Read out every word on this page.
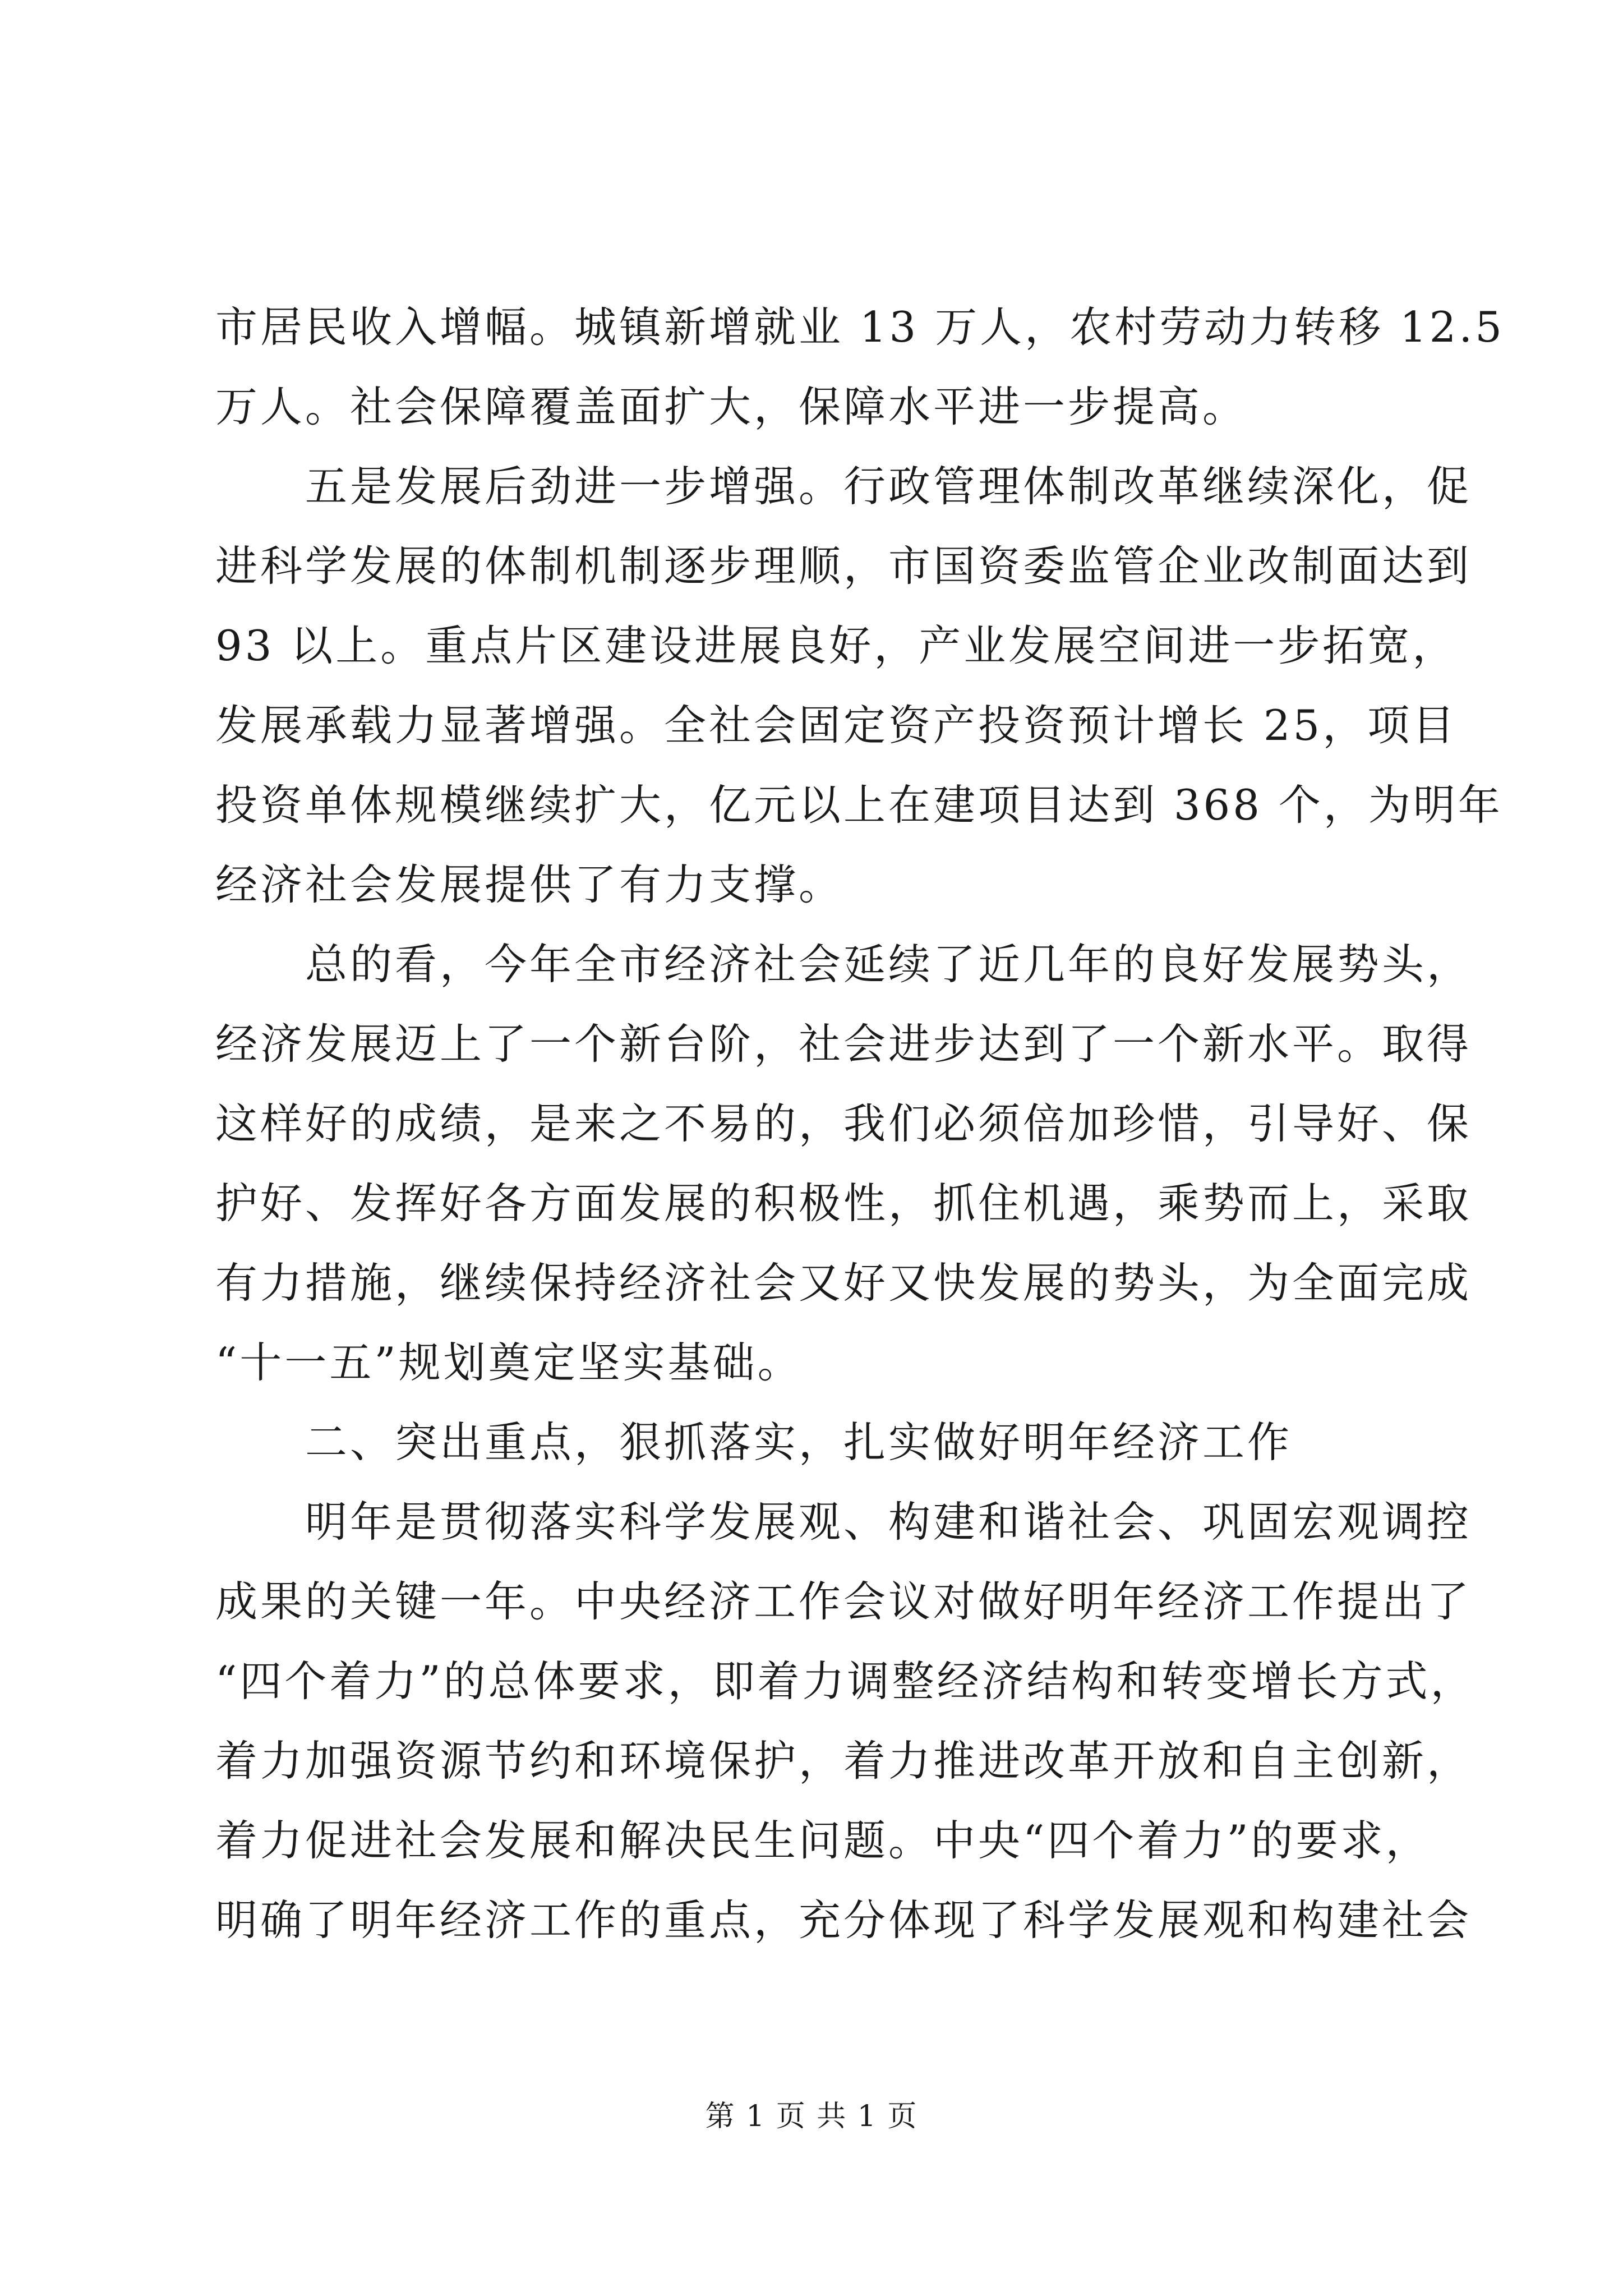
市居民收入增幅。城镇新增就业 13 万人，农村劳动力转移 12.5
万人。社会保障覆盖面扩大，保障水平进一步提高。
五是发展后劲进一步增强。行政管理体制改革继续深化，促
进科学发展的体制机制逐步理顺，市国资委监管企业改制面达到
93 以上。重点片区建设进展良好，产业发展空间进一步拓宽，
发展承载力显著增强。全社会固定资产投资预计增长 25，项目
投资单体规模继续扩大，亿元以上在建项目达到 368 个，为明年
经济社会发展提供了有力支撑。
总的看，今年全市经济社会延续了近几年的良好发展势头，
经济发展迈上了一个新台阶，社会进步达到了一个新水平。取得
这样好的成绩，是来之不易的，我们必须倍加珍惜，引导好、保
护好、发挥好各方面发展的积极性，抓住机遇，乘势而上，采取
有力措施，继续保持经济社会又好又快发展的势头，为全面完成
“十一五”规划奠定坚实基础。
二、突出重点，狠抓落实，扎实做好明年经济工作
明年是贯彻落实科学发展观、构建和谐社会、巩固宏观调控
成果的关键一年。中央经济工作会议对做好明年经济工作提出了
“四个着力”的总体要求，即着力调整经济结构和转变增长方式，
着力加强资源节约和环境保护，着力推进改革开放和自主创新，
着力促进社会发展和解决民生问题。中央“四个着力”的要求，
明确了明年经济工作的重点，充分体现了科学发展观和构建社会
第 1 页 共 1 页
